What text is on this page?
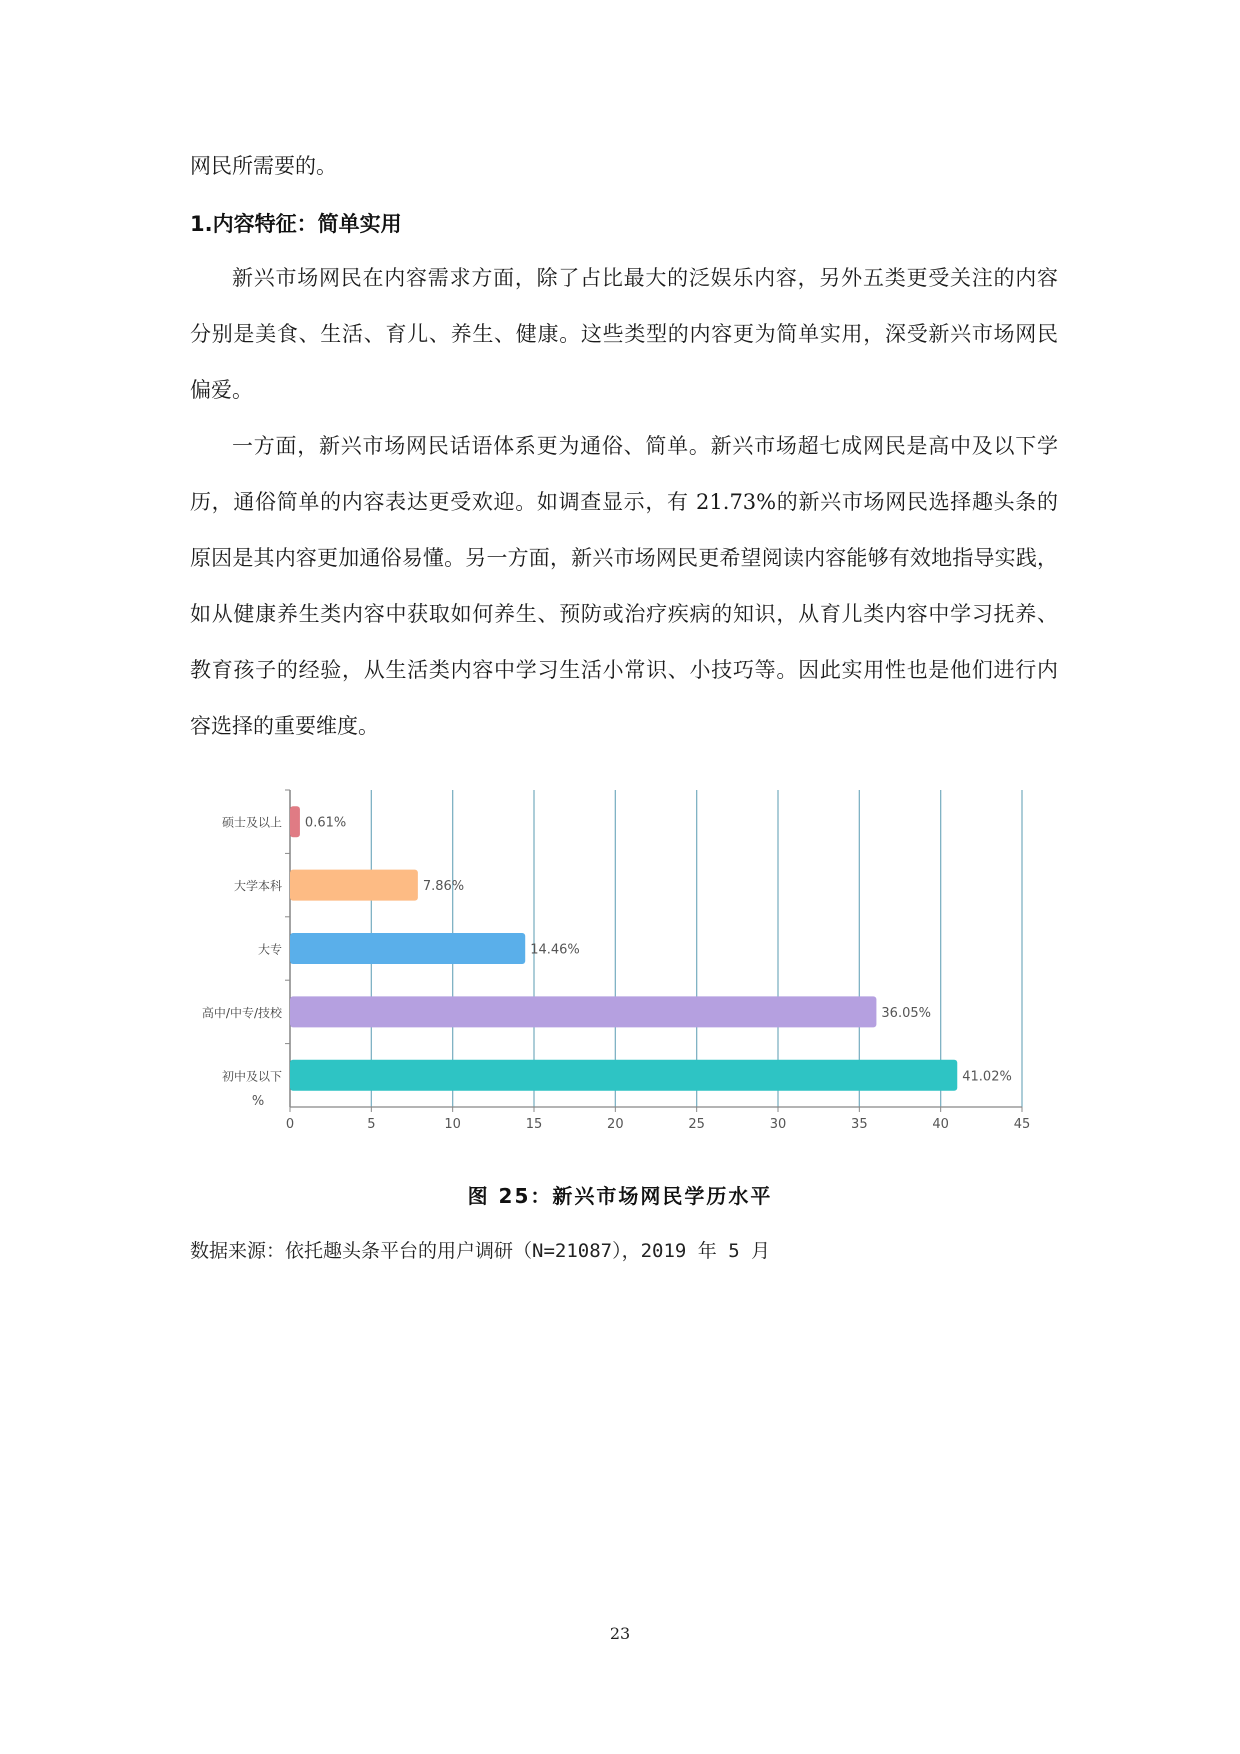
网民所需要的。
1.内容特征：简单实用
新兴市场网民在内容需求方面，除了占比最大的泛娱乐内容，另外五类更受关注的内容
分别是美食、生活、育儿、养生、健康。这些类型的内容更为简单实用，深受新兴市场网民
偏爱。
一方面，新兴市场网民话语体系更为通俗、简单。新兴市场超七成网民是高中及以下学
历，通俗简单的内容表达更受欢迎。如调查显示，有 21.73%的新兴市场网民选择趣头条的
原因是其内容更加通俗易懂。另一方面，新兴市场网民更希望阅读内容能够有效地指导实践，
如从健康养生类内容中获取如何养生、预防或治疗疾病的知识，从育儿类内容中学习抚养、
教育孩子的经验，从生活类内容中学习生活小常识、小技巧等。因此实用性也是他们进行内
容选择的重要维度。
0	5	10	15	20	25	30	35	40	45
%
硕士及以上 0.61%
大学本科	7.86%
大专	14.46%
高中/中专/技校	36.05%
初中及以下	41.02%
图 25：新兴市场网民学历水平
数据来源：依托趣头条平台的用户调研（N=21087），2019 年 5 月
23
